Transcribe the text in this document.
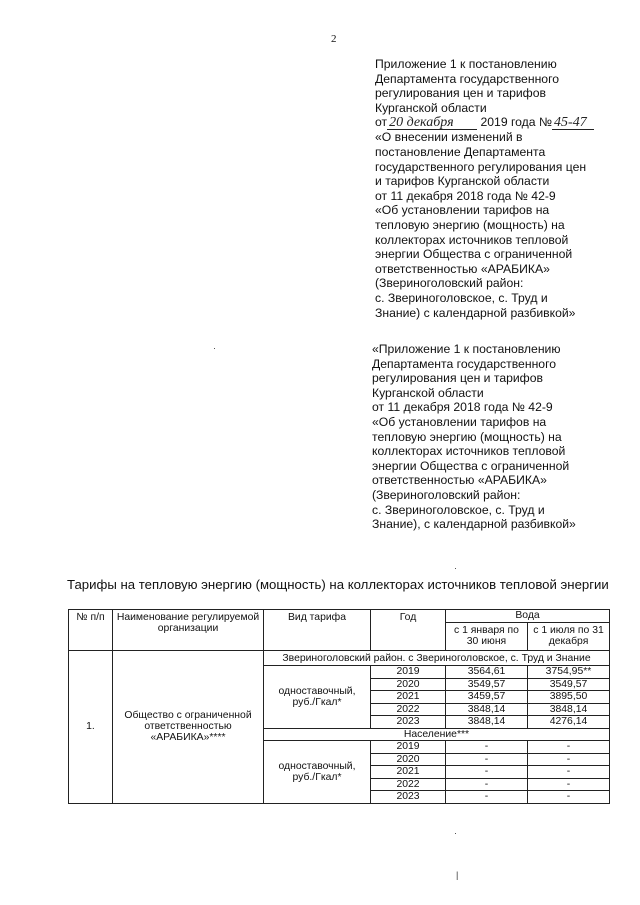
2
Приложение 1 к постановлению
Департамента государственного
регулирования цен и тарифов
Курганской области
от 20 декабря 2019 года № 45-47
«О внесении изменений в
постановление Департамента
государственного регулирования цен
и тарифов Курганской области
от 11 декабря 2018 года № 42-9
«Об установлении тарифов на
тепловую энергию (мощность) на
коллекторах источников тепловой
энергии Общества с ограниченной
ответственностью «АРАБИКА»
(Звериноголовский район:
с. Звериноголовское, с. Труд и
Знание) с календарной разбивкой»
«Приложение 1 к постановлению
Департамента государственного
регулирования цен и тарифов
Курганской области
от 11 декабря 2018 года № 42-9
«Об установлении тарифов на
тепловую энергию (мощность) на
коллекторах источников тепловой
энергии Общества с ограниченной
ответственностью «АРАБИКА»
(Звериноголовский район:
с. Звериноголовское, с. Труд и
Знание), с календарной разбивкой»
·
·
·
|
Тарифы на тепловую энергию (мощность) на коллекторах источников тепловой энергии
№ п/п	Наименование регулируемой организации	Вид тарифа	Год	Вода	
				с 1 января по 30 июня	с 1 июля по 31 декабря
1.	Общество с ограниченной ответственностью «АРАБИКА»****	Звериноголовский район. с Звериноголовское, с. Труд и Знание			
		одноставочный, руб./Гкал*	2019	3564,61	3754,95**
			2020	3549,57	3549,57
			2021	3459,57	3895,50
			2022	3848,14	3848,14
			2023	3848,14	4276,14
		Население***			
		одноставочный, руб./Гкал*	2019	-	-
			2020	-	-
			2021	-	-
			2022	-	-
			2023	-	-
